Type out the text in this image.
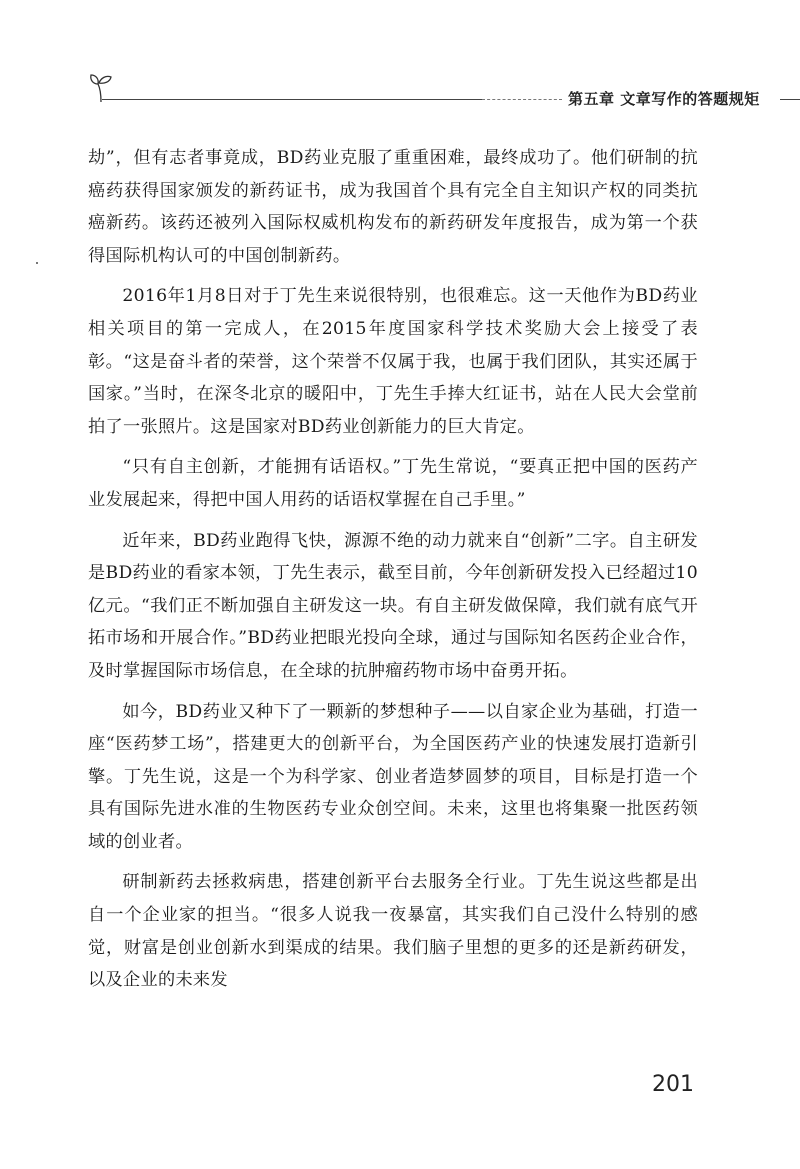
第五章 文章写作的答题规矩

劫”，但有志者事竟成，BD药业克服了重重困难，最终成功了。他们研制的抗癌药获得国家颁发的新药证书，成为我国首个具有完全自主知识产权的同类抗癌新药。该药还被列入国际权威机构发布的新药研发年度报告，成为第一个获得国际机构认可的中国创制新药。

2016年1月8日对于丁先生来说很特别，也很难忘。这一天他作为BD药业相关项目的第一完成人，在2015年度国家科学技术奖励大会上接受了表彰。“这是奋斗者的荣誉，这个荣誉不仅属于我，也属于我们团队，其实还属于国家。”当时，在深冬北京的暖阳中，丁先生手捧大红证书，站在人民大会堂前拍了一张照片。这是国家对BD药业创新能力的巨大肯定。

“只有自主创新，才能拥有话语权。”丁先生常说，“要真正把中国的医药产业发展起来，得把中国人用药的话语权掌握在自己手里。”

近年来，BD药业跑得飞快，源源不绝的动力就来自“创新”二字。自主研发是BD药业的看家本领，丁先生表示，截至目前，今年创新研发投入已经超过10亿元。“我们正不断加强自主研发这一块。有自主研发做保障，我们就有底气开拓市场和开展合作。”BD药业把眼光投向全球，通过与国际知名医药企业合作，及时掌握国际市场信息，在全球的抗肿瘤药物市场中奋勇开拓。

如今，BD药业又种下了一颗新的梦想种子——以自家企业为基础，打造一座“医药梦工场”，搭建更大的创新平台，为全国医药产业的快速发展打造新引擎。丁先生说，这是一个为科学家、创业者造梦圆梦的项目，目标是打造一个具有国际先进水准的生物医药专业众创空间。未来，这里也将集聚一批医药领域的创业者。

研制新药去拯救病患，搭建创新平台去服务全行业。丁先生说这些都是出自一个企业家的担当。“很多人说我一夜暴富，其实我们自己没什么特别的感觉，财富是创业创新水到渠成的结果。我们脑子里想的更多的还是新药研发，以及企业的未来发

201
